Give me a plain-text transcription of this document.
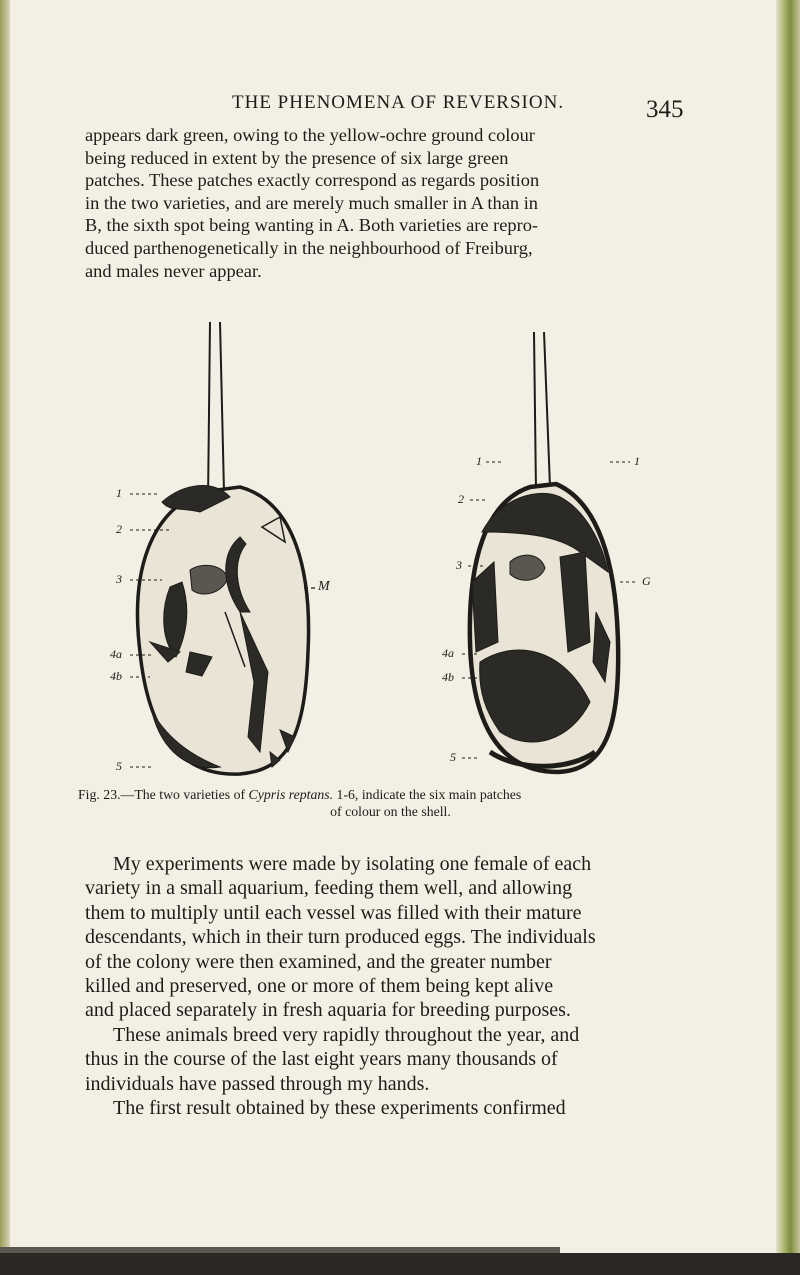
THE PHENOMENA OF REVERSION.	345

appears dark green, owing to the yellow-ochre ground colour

being reduced in extent by the presence of six large green

patches. These patches exactly correspond as regards position

in the two varieties, and are merely much smaller in A than in

B, the sixth spot being wanting in A. Both varieties are repro-

duced parthenogenetically in the neighbourhood of Freiburg,

and males never appear.

1
2
3
4a
4b
5
M
1	1
2
3
G
4a
4b
5
Fig. 23.—The two varieties of Cypris reptans. 1-6, indicate the six main patches
of colour on the shell.
My experiments were made by isolating one female of each
variety in a small aquarium, feeding them well, and allowing
them to multiply until each vessel was filled with their mature
descendants, which in their turn produced eggs. The individuals
of the colony were then examined, and the greater number
killed and preserved, one or more of them being kept alive
and placed separately in fresh aquaria for breeding purposes.
These animals breed very rapidly throughout the year, and
thus in the course of the last eight years many thousands of
individuals have passed through my hands.
The first result obtained by these experiments confirmed
